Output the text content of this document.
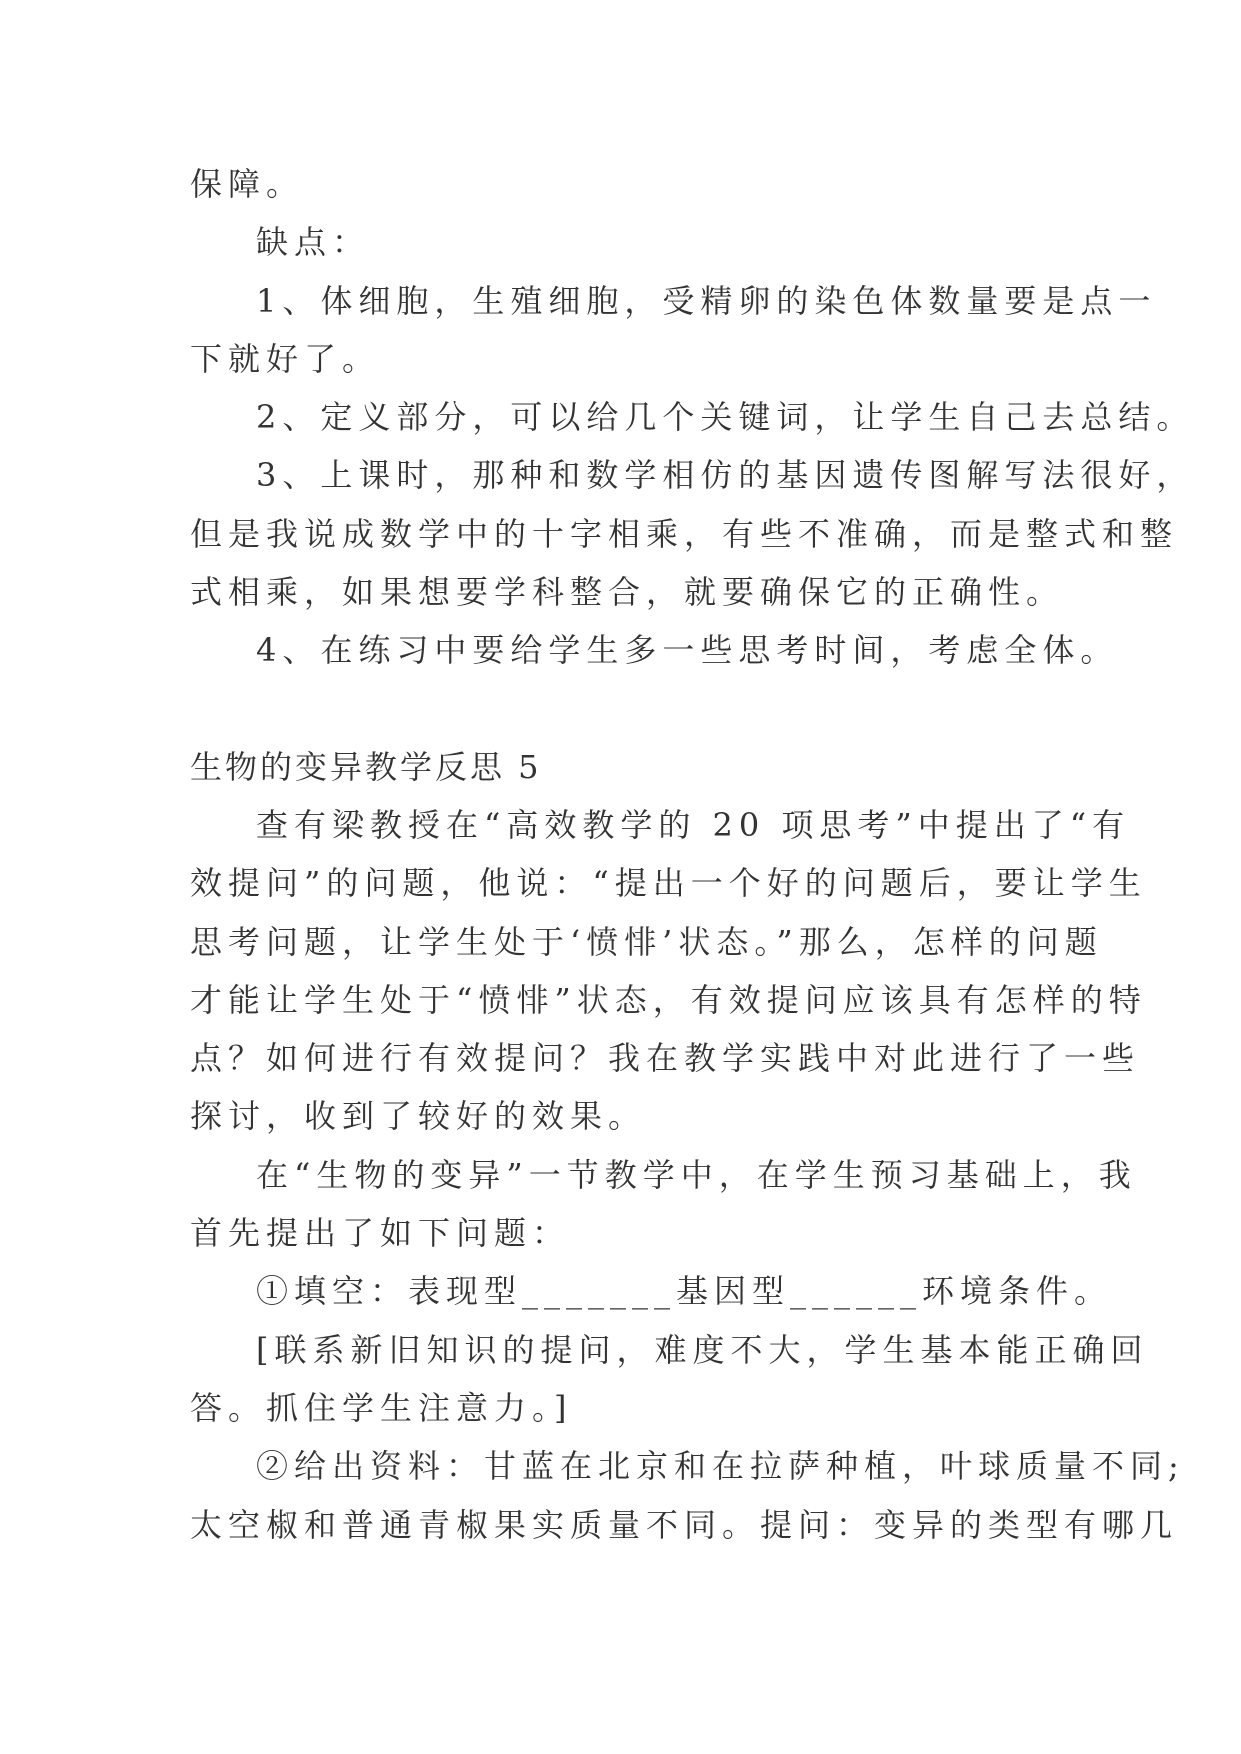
保障。

缺点：

1、体细胞，生殖细胞，受精卵的染色体数量要是点一

下就好了。

2、定义部分，可以给几个关键词，让学生自己去总结。

3、上课时，那种和数学相仿的基因遗传图解写法很好，

但是我说成数学中的十字相乘，有些不准确，而是整式和整

式相乘，如果想要学科整合，就要确保它的正确性。

4、在练习中要给学生多一些思考时间，考虑全体。

生物的变异教学反思 5

查有梁教授在“高效教学的 20 项思考”中提出了“有

效提问”的问题，他说：“提出一个好的问题后，要让学生

思考问题，让学生处于‘愤悱’状态。”那么，怎样的问题

才能让学生处于“愤悱”状态，有效提问应该具有怎样的特

点？如何进行有效提问？我在教学实践中对此进行了一些

探讨，收到了较好的效果。

在“生物的变异”一节教学中，在学生预习基础上，我

首先提出了如下问题：

①填空：表现型_______基因型______环境条件。

[联系新旧知识的提问，难度不大，学生基本能正确回

答。抓住学生注意力。]

②给出资料：甘蓝在北京和在拉萨种植，叶球质量不同;

太空椒和普通青椒果实质量不同。提问：变异的类型有哪几
